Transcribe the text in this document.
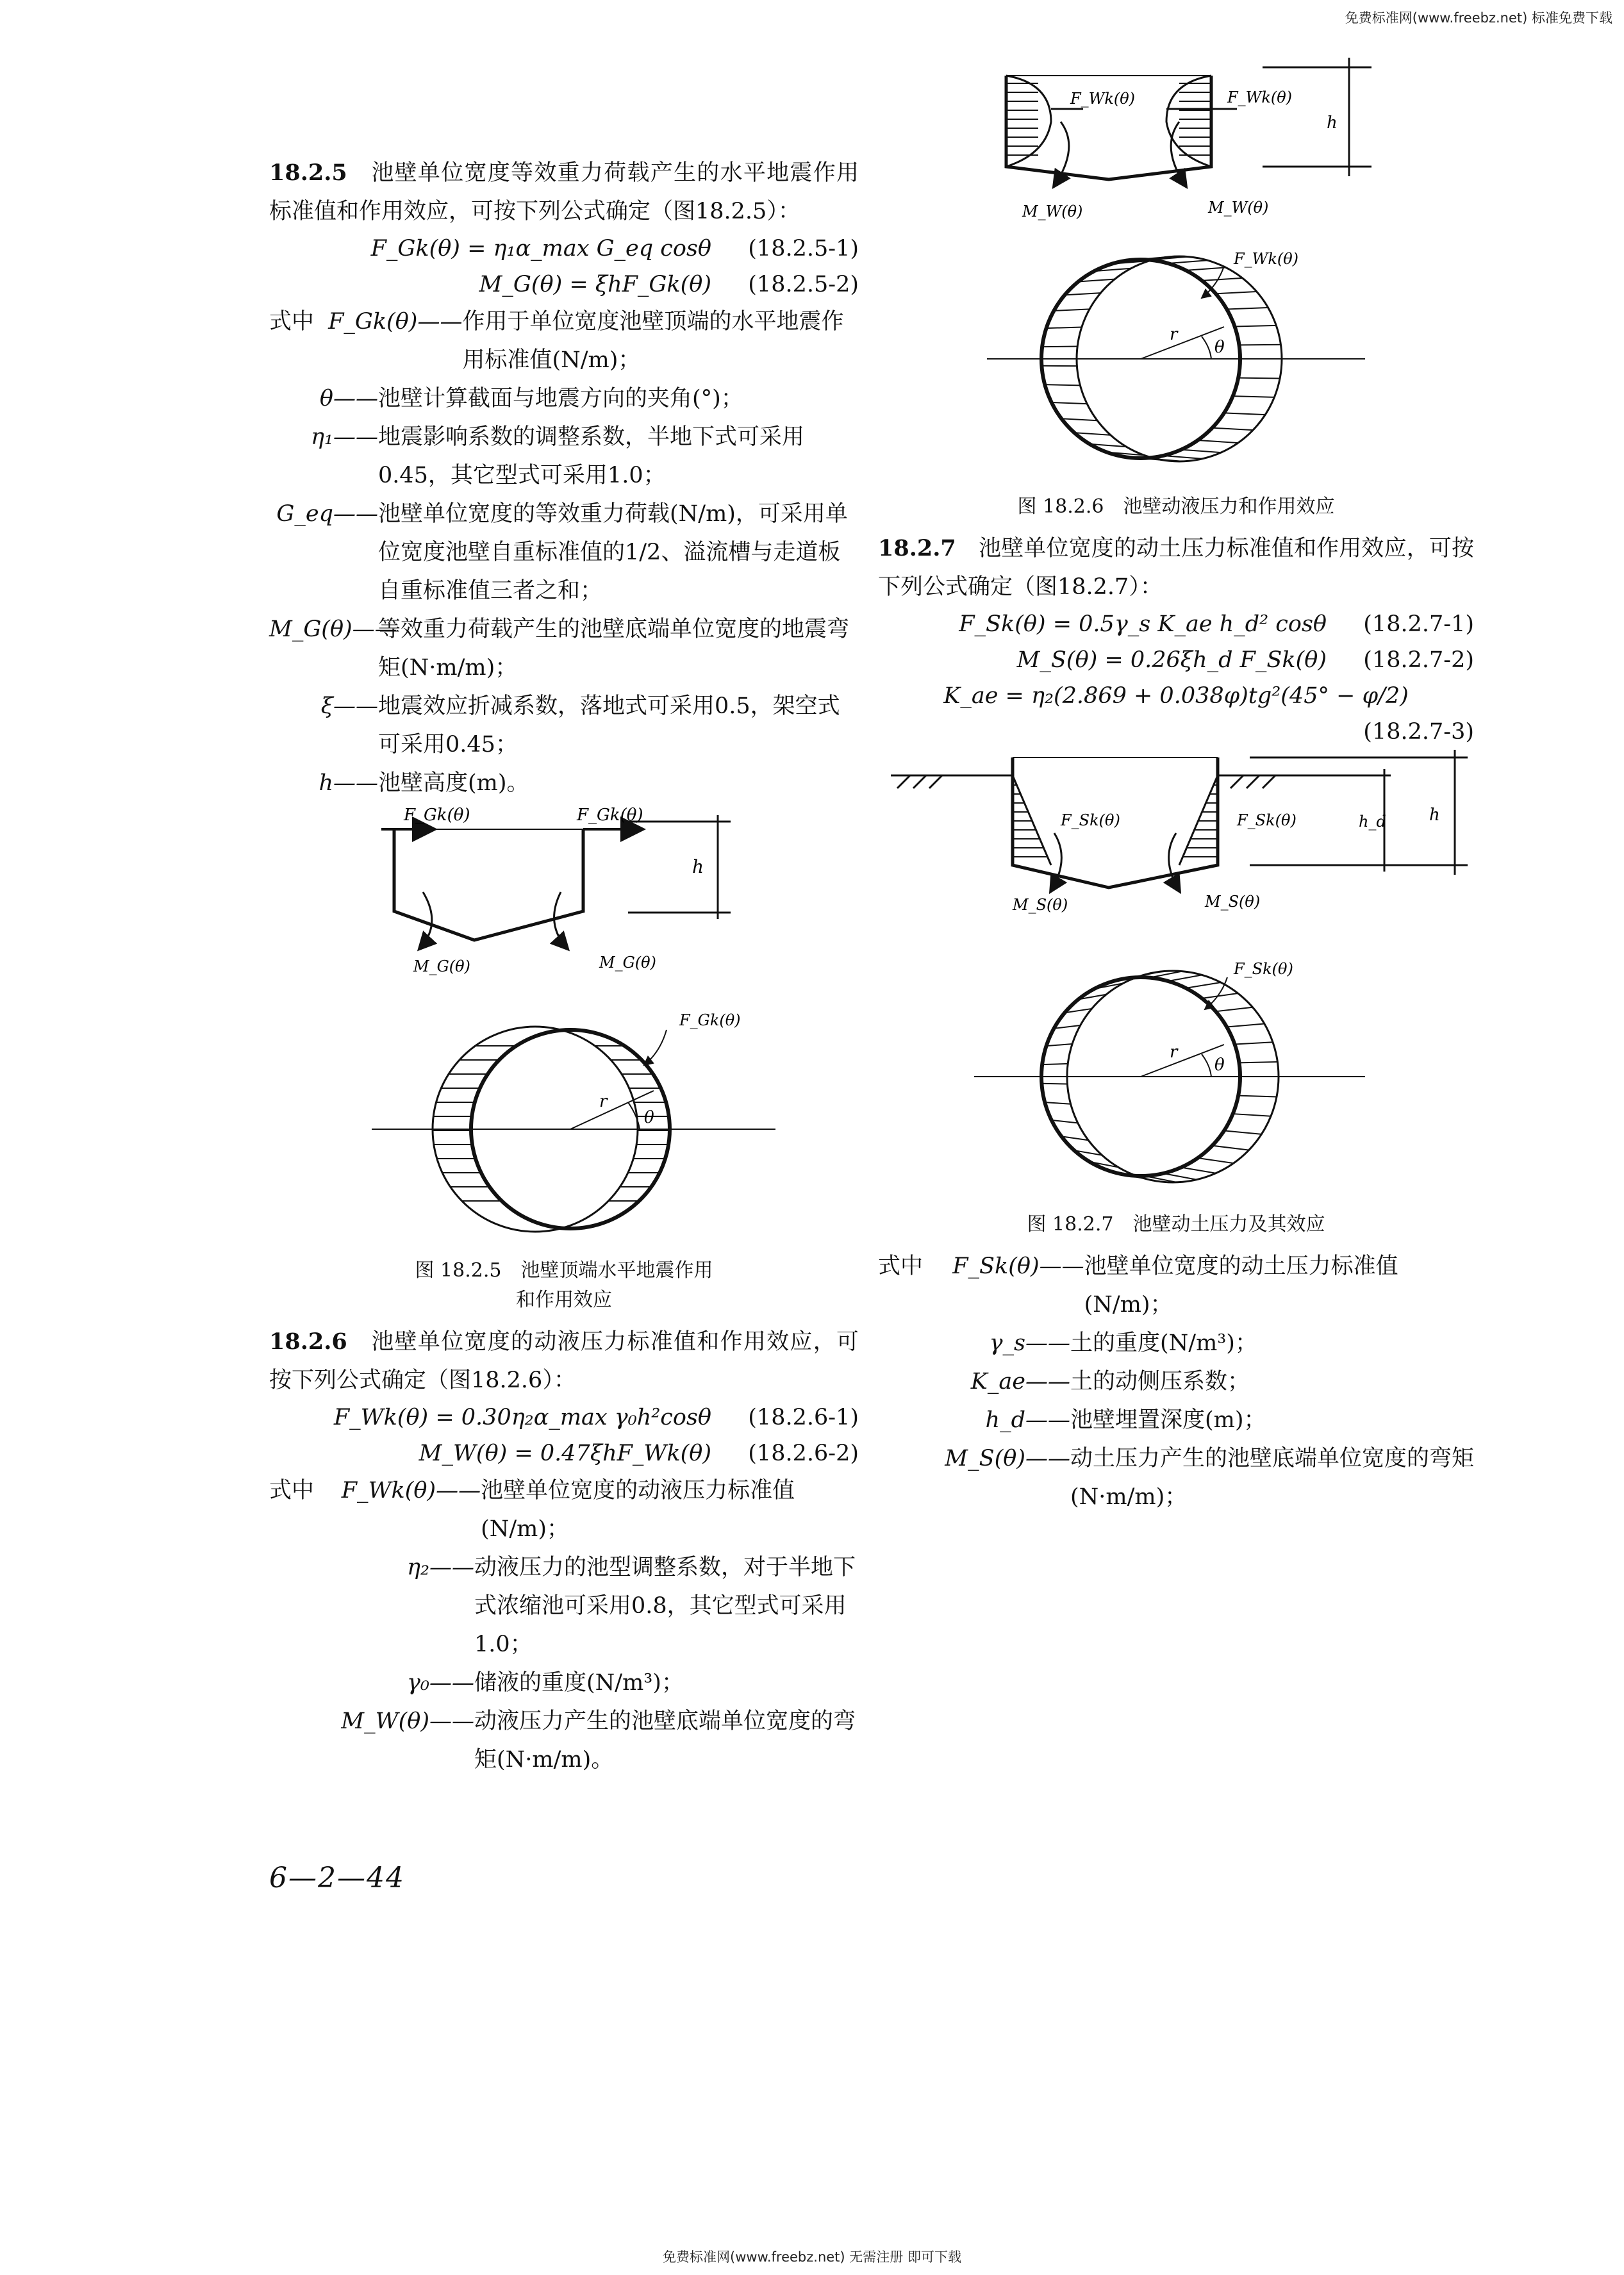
免费标准网(www.freebz.net) 标准免费下载

18.2.5　 池壁单位宽度等效重力荷载产生的水平地震作用标准值和作用效应，可按下列公式确定（图18.2.5）：

F_Gk(θ) = η₁α_max G_eq cosθ	(18.2.5-1)
M_G(θ) = ξhF_Gk(θ)	(18.2.5-2)
式中 F_Gk(θ)—— 作用于单位宽度池壁顶端的水平地震作用标准值(N/m)；
θ—— 池壁计算截面与地震方向的夹角(°)；
η₁—— 地震影响系数的调整系数，半地下式可采用0.45，其它型式可采用1.0；
G_eq—— 池壁单位宽度的等效重力荷载(N/m)，可采用单位宽度池壁自重标准值的1/2、溢流槽与走道板自重标准值三者之和；
M_G(θ)——
等效重力荷载产生的池壁底端单位宽度的地震弯矩(N·m/m)；
ξ—— 地震效应折减系数，落地式可采用0.5，架空式可采用0.45；
h—— 池壁高度(m)。
F_Gk(θ)	F_Gk(θ)
h
M_G(θ)	M_G(θ)
F_Gk(θ)
r
θ
图 18.2.5　池壁顶端水平地震作用
和作用效应

18.2.6　 池壁单位宽度的动液压力标准值和作用效应，可按下列公式确定（图18.2.6）：

F_Wk(θ) = 0.30η₂α_max γ₀h²cosθ	(18.2.6-1)
M_W(θ) = 0.47ξhF_Wk(θ)	(18.2.6-2)
式中	F_Wk(θ)—— 池壁单位宽度的动液压力标准值(N/m)；
η₂—— 动液压力的池型调整系数，对于半地下式浓缩池可采用0.8，其它型式可采用1.0；
γ₀—— 储液的重度(N/m³)；
M_W(θ)—— 动液压力产生的池壁底端单位宽度的弯矩(N·m/m)。
6—2—44
F_Wk(θ)	F_Wk(θ)
h
M_W(θ)	M_W(θ)
F_Wk(θ)
r
θ
图 18.2.6　池壁动液压力和作用效应

18.2.7　 池壁单位宽度的动土压力标准值和作用效应，可按下列公式确定（图18.2.7）：

F_Sk(θ) = 0.5γ_s K_ae h_d² cosθ	(18.2.7-1)
M_S(θ) = 0.26ξh_d F_Sk(θ)	(18.2.7-2)
K_ae = η₂(2.869 + 0.038φ)tg²(45° − φ/2)
(18.2.7-3)
F_Sk(θ)	F_Sk(θ)	h_d	h
M_S(θ)	M_S(θ)
F_Sk(θ)
r
θ
图 18.2.7　池壁动土压力及其效应
式中	F_Sk(θ)—— 池壁单位宽度的动土压力标准值(N/m)；
γ_s—— 土的重度(N/m³)；
K_ae—— 土的动侧压系数；
h_d—— 池壁埋置深度(m)；
M_S(θ)—— 动土压力产生的池壁底端单位宽度的弯矩(N·m/m)；
免费标准网(www.freebz.net) 无需注册 即可下载
